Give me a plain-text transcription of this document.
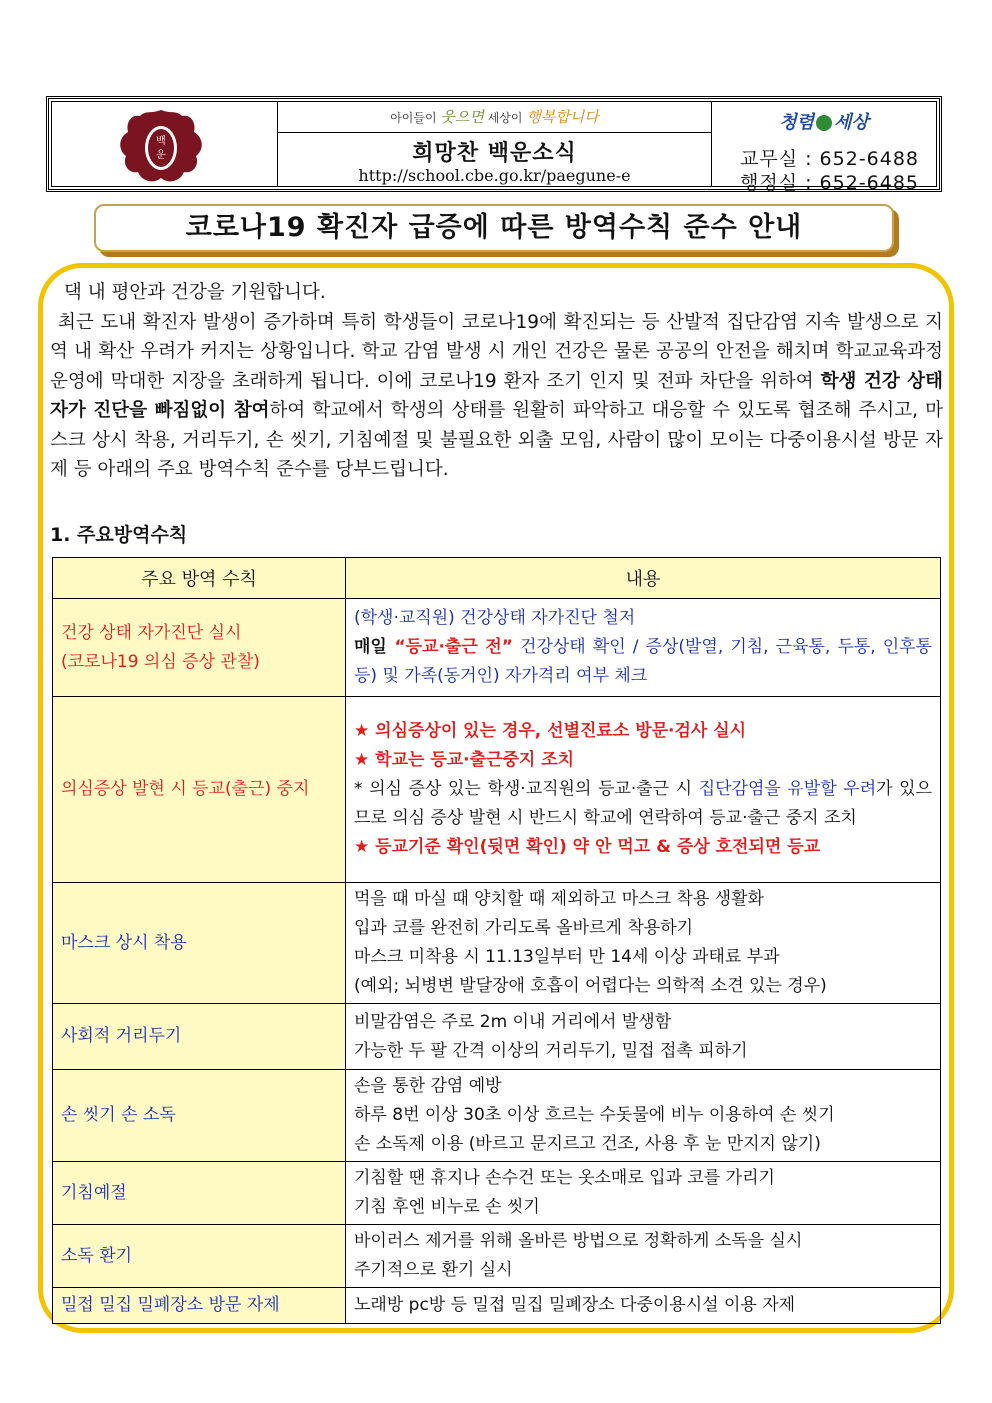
백
운
아이들이 웃으면 세상이 행복합니다
희망찬 백운소식
http://school.cbe.go.kr/paegune-e
청렴 세상
교무실 : 652-6488
행정실 : 652-6485
코로나19 확진자 급증에 따른 방역수칙 준수 안내

댁 내 평안과 건강을 기원합니다.

최근 도내 확진자 발생이 증가하며 특히 학생들이 코로나19에 확진되는 등 산발적 집단감염 지속 발생으로 지역 내 확산 우려가 커지는 상황입니다. 학교 감염 발생 시 개인 건강은 물론 공공의 안전을 해치며 학교교육과정 운영에 막대한 지장을 초래하게 됩니다. 이에 코로나19 환자 조기 인지 및 전파 차단을 위하여 학생 건강 상태 자가 진단을 빠짐없이 참여하여 학교에서 학생의 상태를 원활히 파악하고 대응할 수 있도록 협조해 주시고, 마스크 상시 착용, 거리두기, 손 씻기, 기침예절 및 불필요한 외출 모임, 사람이 많이 모이는 다중이용시설 방문 자제 등 아래의 주요 방역수칙 준수를 당부드립니다.

1. 주요방역수칙
주요 방역 수칙	내용

건강 상태 자가진단 실시
(코로나19 의심 증상 관찰)	(학생·교직원) 건강상태 자가진단 철저
매일 “등교·출근 전” 건강상태 확인 / 증상(발열, 기침, 근육통, 두통, 인후통 등) 및 가족(동거인) 자가격리 여부 체크
의심증상 발현 시 등교(출근) 중지	★ 의심증상이 있는 경우, 선별진료소 방문·검사 실시
★ 학교는 등교·출근중지 조치
* 의심 증상 있는 학생·교직원의 등교·출근 시 집단감염을 유발할 우려가 있으므로 의심 증상 발현 시 반드시 학교에 연락하여 등교·출근 중지 조치
★ 등교기준 확인(뒷면 확인) 약 안 먹고 & 증상 호전되면 등교

마스크 상시 착용	먹을 때 마실 때 양치할 때 제외하고 마스크 착용 생활화
입과 코를 완전히 가리도록 올바르게 착용하기
마스크 미착용 시 11.13일부터 만 14세 이상 과태료 부과
(예외; 뇌병변 발달장애 호흡이 어렵다는 의학적 소견 있는 경우)

사회적 거리두기	비말감염은 주로 2m 이내 거리에서 발생함
가능한 두 팔 간격 이상의 거리두기, 밀접 접촉 피하기

손 씻기 손 소독	손을 통한 감염 예방
하루 8번 이상 30초 이상 흐르는 수돗물에 비누 이용하여 손 씻기
손 소독제 이용 (바르고 문지르고 건조, 사용 후 눈 만지지 않기)

기침예절	기침할 땐 휴지나 손수건 또는 옷소매로 입과 코를 가리기
기침 후엔 비누로 손 씻기

소독 환기	바이러스 제거를 위해 올바른 방법으로 정확하게 소독을 실시
주기적으로 환기 실시

밀접 밀집 밀폐장소 방문 자제	노래방 pc방 등 밀접 밀집 밀폐장소 다중이용시설 이용 자제
